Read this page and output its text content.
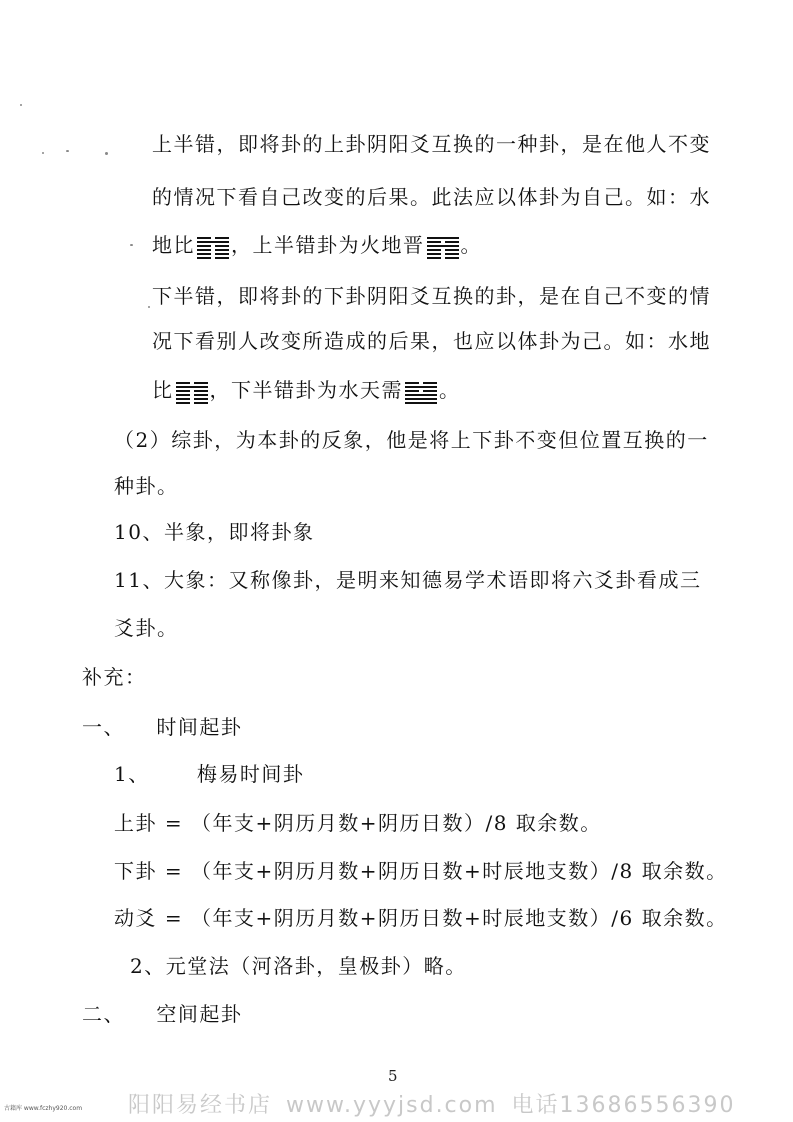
上半错，即将卦的上卦阴阳爻互换的一种卦，是在他人不变
的情况下看自己改变的后果。此法应以体卦为自己。如：水
地比 ，上半错卦为火地晋 。
下半错，即将卦的下卦阴阳爻互换的卦，是在自己不变的情
况下看别人改变所造成的后果，也应以体卦为己。如：水地
比 ，下半错卦为水天需 。
（2）综卦，为本卦的反象，他是将上下卦不变但位置互换的一
种卦。
10、半象，即将卦象
11、大象：又称像卦，是明来知德易学术语即将六爻卦看成三
爻卦。
补充：
一、    时间起卦
1、      梅易时间卦
上卦 = （年支+阴历月数+阴历日数）/8 取余数。
下卦 = （年支+阴历月数+阴历日数+时辰地支数）/8 取余数。
动爻 = （年支+阴历月数+阴历日数+时辰地支数）/6 取余数。
2、元堂法（河洛卦，皇极卦）略。
二、    空间起卦
5
阳阳易经书店 www.yyyjsd.com 电话13686556390
古籍库 www.fczhy920.com
